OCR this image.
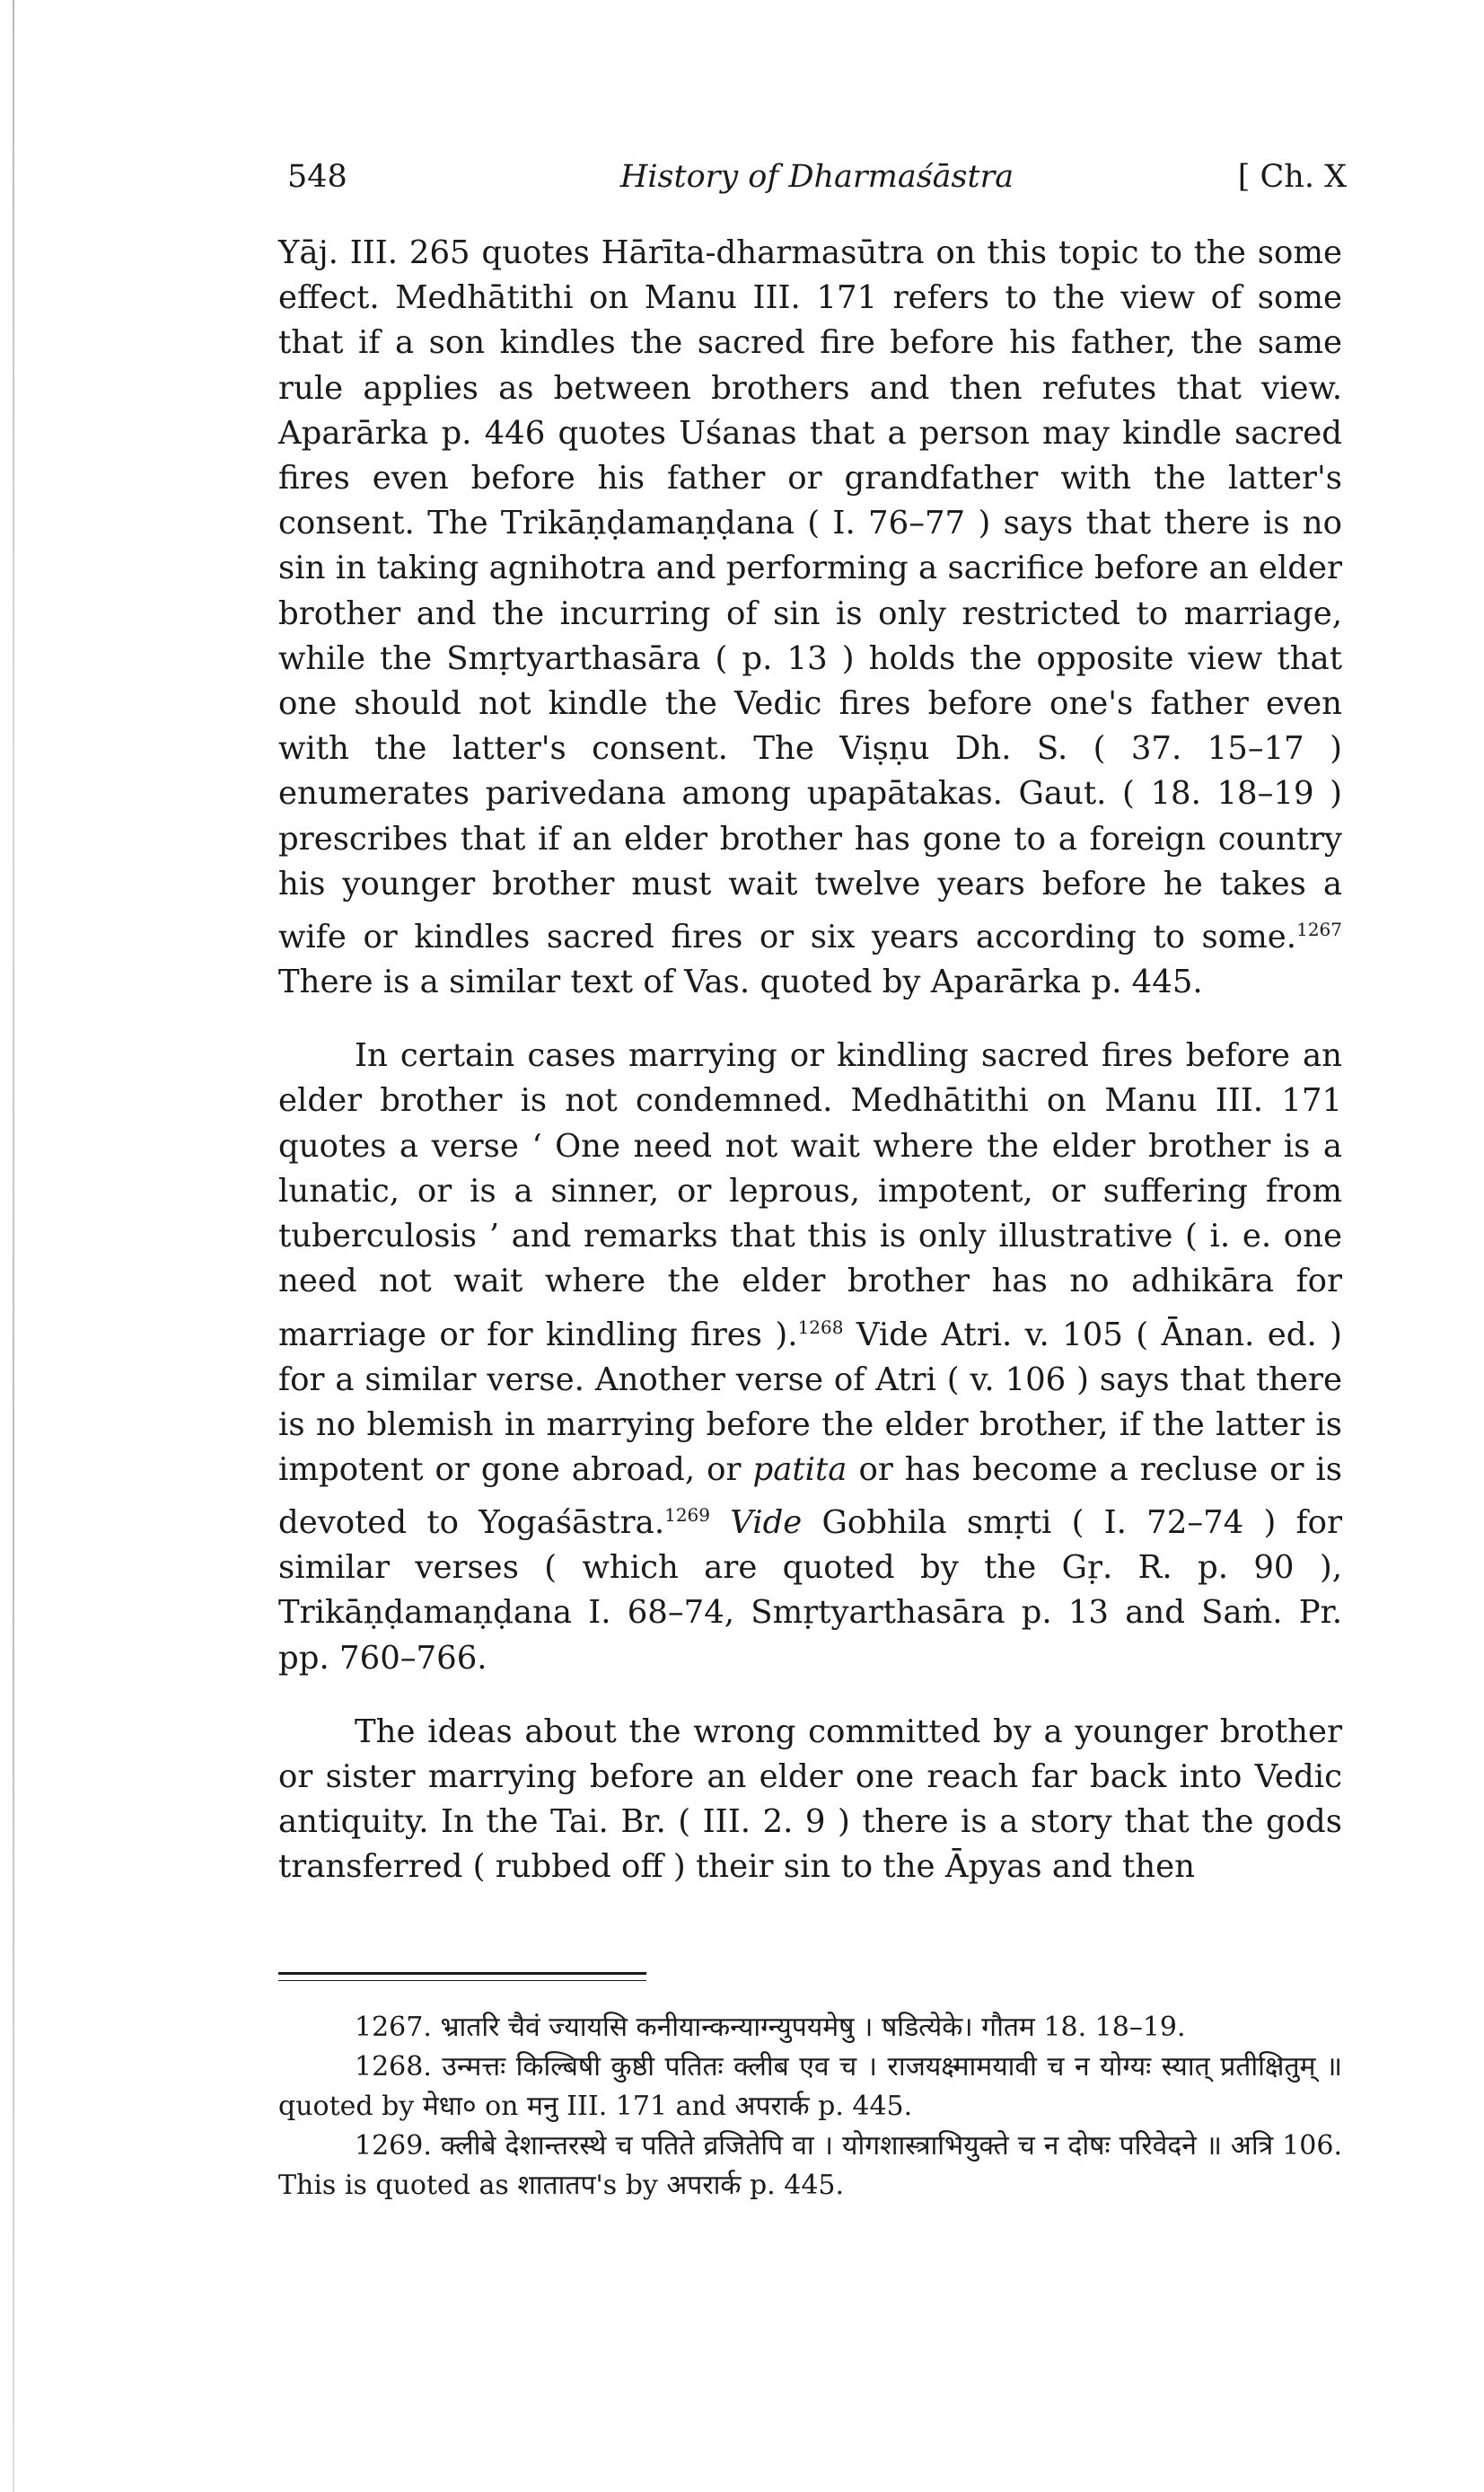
548	History of Dharmaśāstra	[ Ch. X

Yāj. III. 265 quotes Hārīta-dharmasūtra on this topic to the some effect. Medhātithi on Manu III. 171 refers to the view of some that if a son kindles the sacred fire before his father, the same rule applies as between brothers and then refutes that view. Aparārka p. 446 quotes Uśanas that a person may kindle sacred fires even before his father or grandfather with the latter's consent. The Trikāṇḍamaṇḍana ( I. 76–77 ) says that there is no sin in taking agnihotra and performing a sacrifice before an elder brother and the incurring of sin is only restricted to marriage, while the Smṛtyarthasāra ( p. 13 ) holds the opposite view that one should not kindle the Vedic fires before one's father even with the latter's consent. The Viṣṇu Dh. S. ( 37. 15–17 ) enumerates parivedana among upapātakas. Gaut. ( 18. 18–19 ) prescribes that if an elder brother has gone to a foreign country his younger brother must wait twelve years before he takes a wife or kindles sacred fires or six years according to some.$^{1267}$ There is a similar text of Vas. quoted by Aparārka p. 445.

In certain cases marrying or kindling sacred fires before an elder brother is not condemned. Medhātithi on Manu III. 171 quotes a verse ‘ One need not wait where the elder brother is a lunatic, or is a sinner, or leprous, impotent, or suffering from tuberculosis ’ and remarks that this is only illustrative ( i. e. one need not wait where the elder brother has no adhikāra for marriage or for kindling fires ).$^{1268}$ Vide Atri. v. 105 ( Ānan. ed. ) for a similar verse. Another verse of Atri ( v. 106 ) says that there is no blemish in marrying before the elder brother, if the latter is impotent or gone abroad, or patita or has become a recluse or is devoted to Yogaśāstra.$^{1269}$ Vide Gobhila smṛti ( I. 72–74 ) for similar verses ( which are quoted by the Gṛ. R. p. 90 ), Trikāṇḍamaṇḍana I. 68–74, Smṛtyarthasāra p. 13 and Saṁ. Pr. pp. 760–766.

The ideas about the wrong committed by a younger brother or sister marrying before an elder one reach far back into Vedic antiquity. In the Tai. Br. ( III. 2. 9 ) there is a story that the gods transferred ( rubbed off ) their sin to the Āpyas and then

1267. भ्रातरि चैवं ज्यायसि कनीयान्कन्याग्न्युपयमेषु । षडित्येके। गौतम 18. 18–19.

1268. उन्मत्तः किल्बिषी कुष्ठी पतितः क्लीब एव च । राजयक्ष्मामयावी च न योग्यः स्यात् प्रतीक्षितुम् ॥ quoted by मेधा० on मनु III. 171 and अपरार्क p. 445.

1269. क्लीबे देशान्तरस्थे च पतिते व्रजितेपि वा । योगशास्त्राभियुक्ते च न दोषः परिवेदने ॥ अत्रि 106. This is quoted as शातातप's by अपरार्क p. 445.
